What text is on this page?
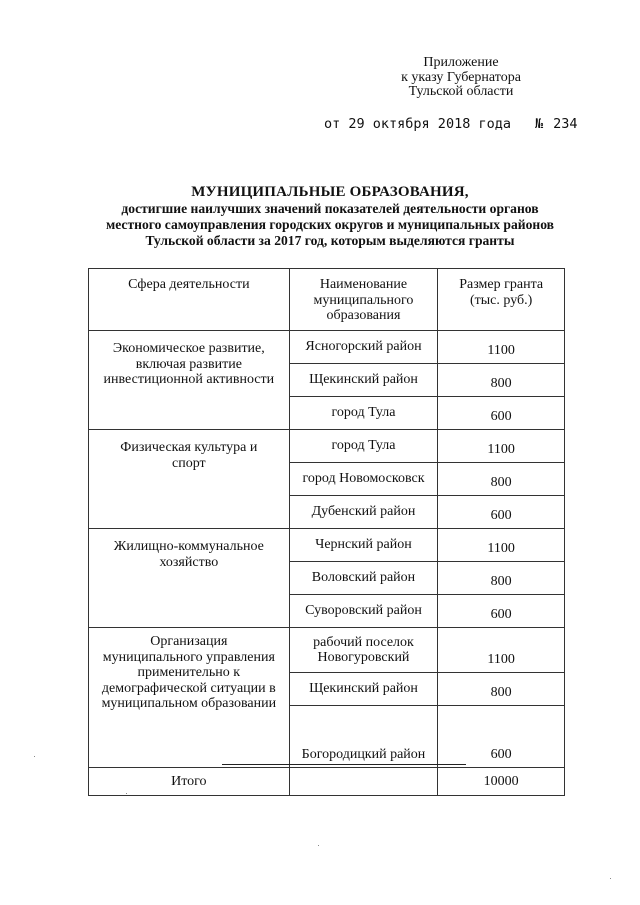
Приложение
к указу Губернатора
Тульской области
от 29 октября 2018 года № 234
МУНИЦИПАЛЬНЫЕ ОБРАЗОВАНИЯ,
достигшие наилучших значений показателей деятельности органов
местного самоуправления городских округов и муниципальных районов
Тульской области за 2017 год, которым выделяются гранты
Сфера деятельности	Наименование муниципального образования	Размер гранта (тыс. руб.)

Экономическое развитие, включая развитие инвестиционной активности	Ясногорский район	1100
	Щекинский район	800
	город Тула	600

Физическая культура и спорт	город Тула	1100
	город Новомосковск	800
	Дубенский район	600

Жилищно-коммунальное хозяйство	Чернский район	1100
	Воловский район	800
	Суворовский район	600

Организация муниципального управления применительно к демографической ситуации в муниципальном образовании	рабочий поселок Новогуровский	1100
	Щекинский район	800
	Богородицкий район	600
Итого		10000
